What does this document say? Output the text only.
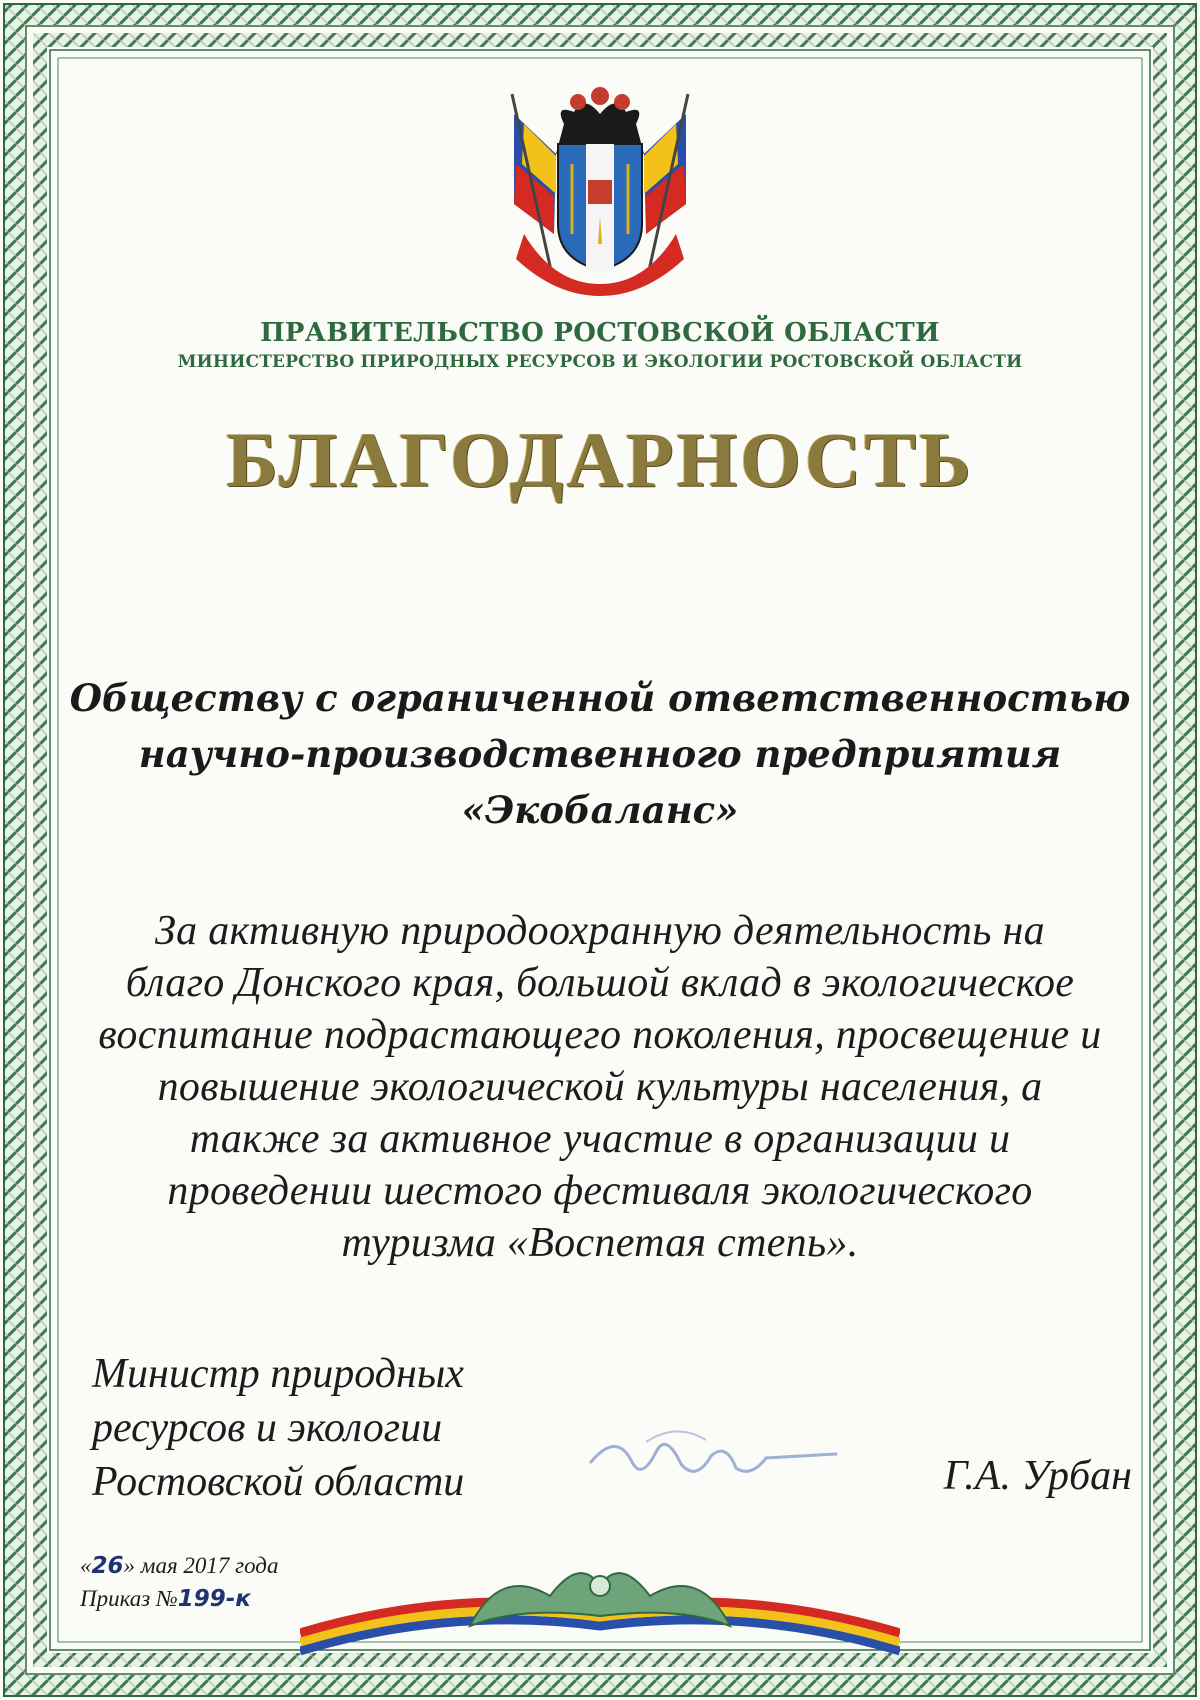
ПРАВИТЕЛЬСТВО РОСТОВСКОЙ ОБЛАСТИ
МИНИСТЕРСТВО ПРИРОДНЫХ РЕСУРСОВ И ЭКОЛОГИИ РОСТОВСКОЙ ОБЛАСТИ
БЛАГОДАРНОСТЬ
Обществу с ограниченной ответственностью
научно-производственного предприятия
«Экобаланс»
За активную природоохранную деятельность на
благо Донского края, большой вклад в экологическое
воспитание подрастающего поколения, просвещение и
повышение экологической культуры населения, а
также за активное участие в организации и
проведении шестого фестиваля экологического
туризма «Воспетая степь».
Министр природных
ресурсов и экологии
Ростовской области	Г.А. Урбан
«26» мая 2017 года
Приказ №199-к
